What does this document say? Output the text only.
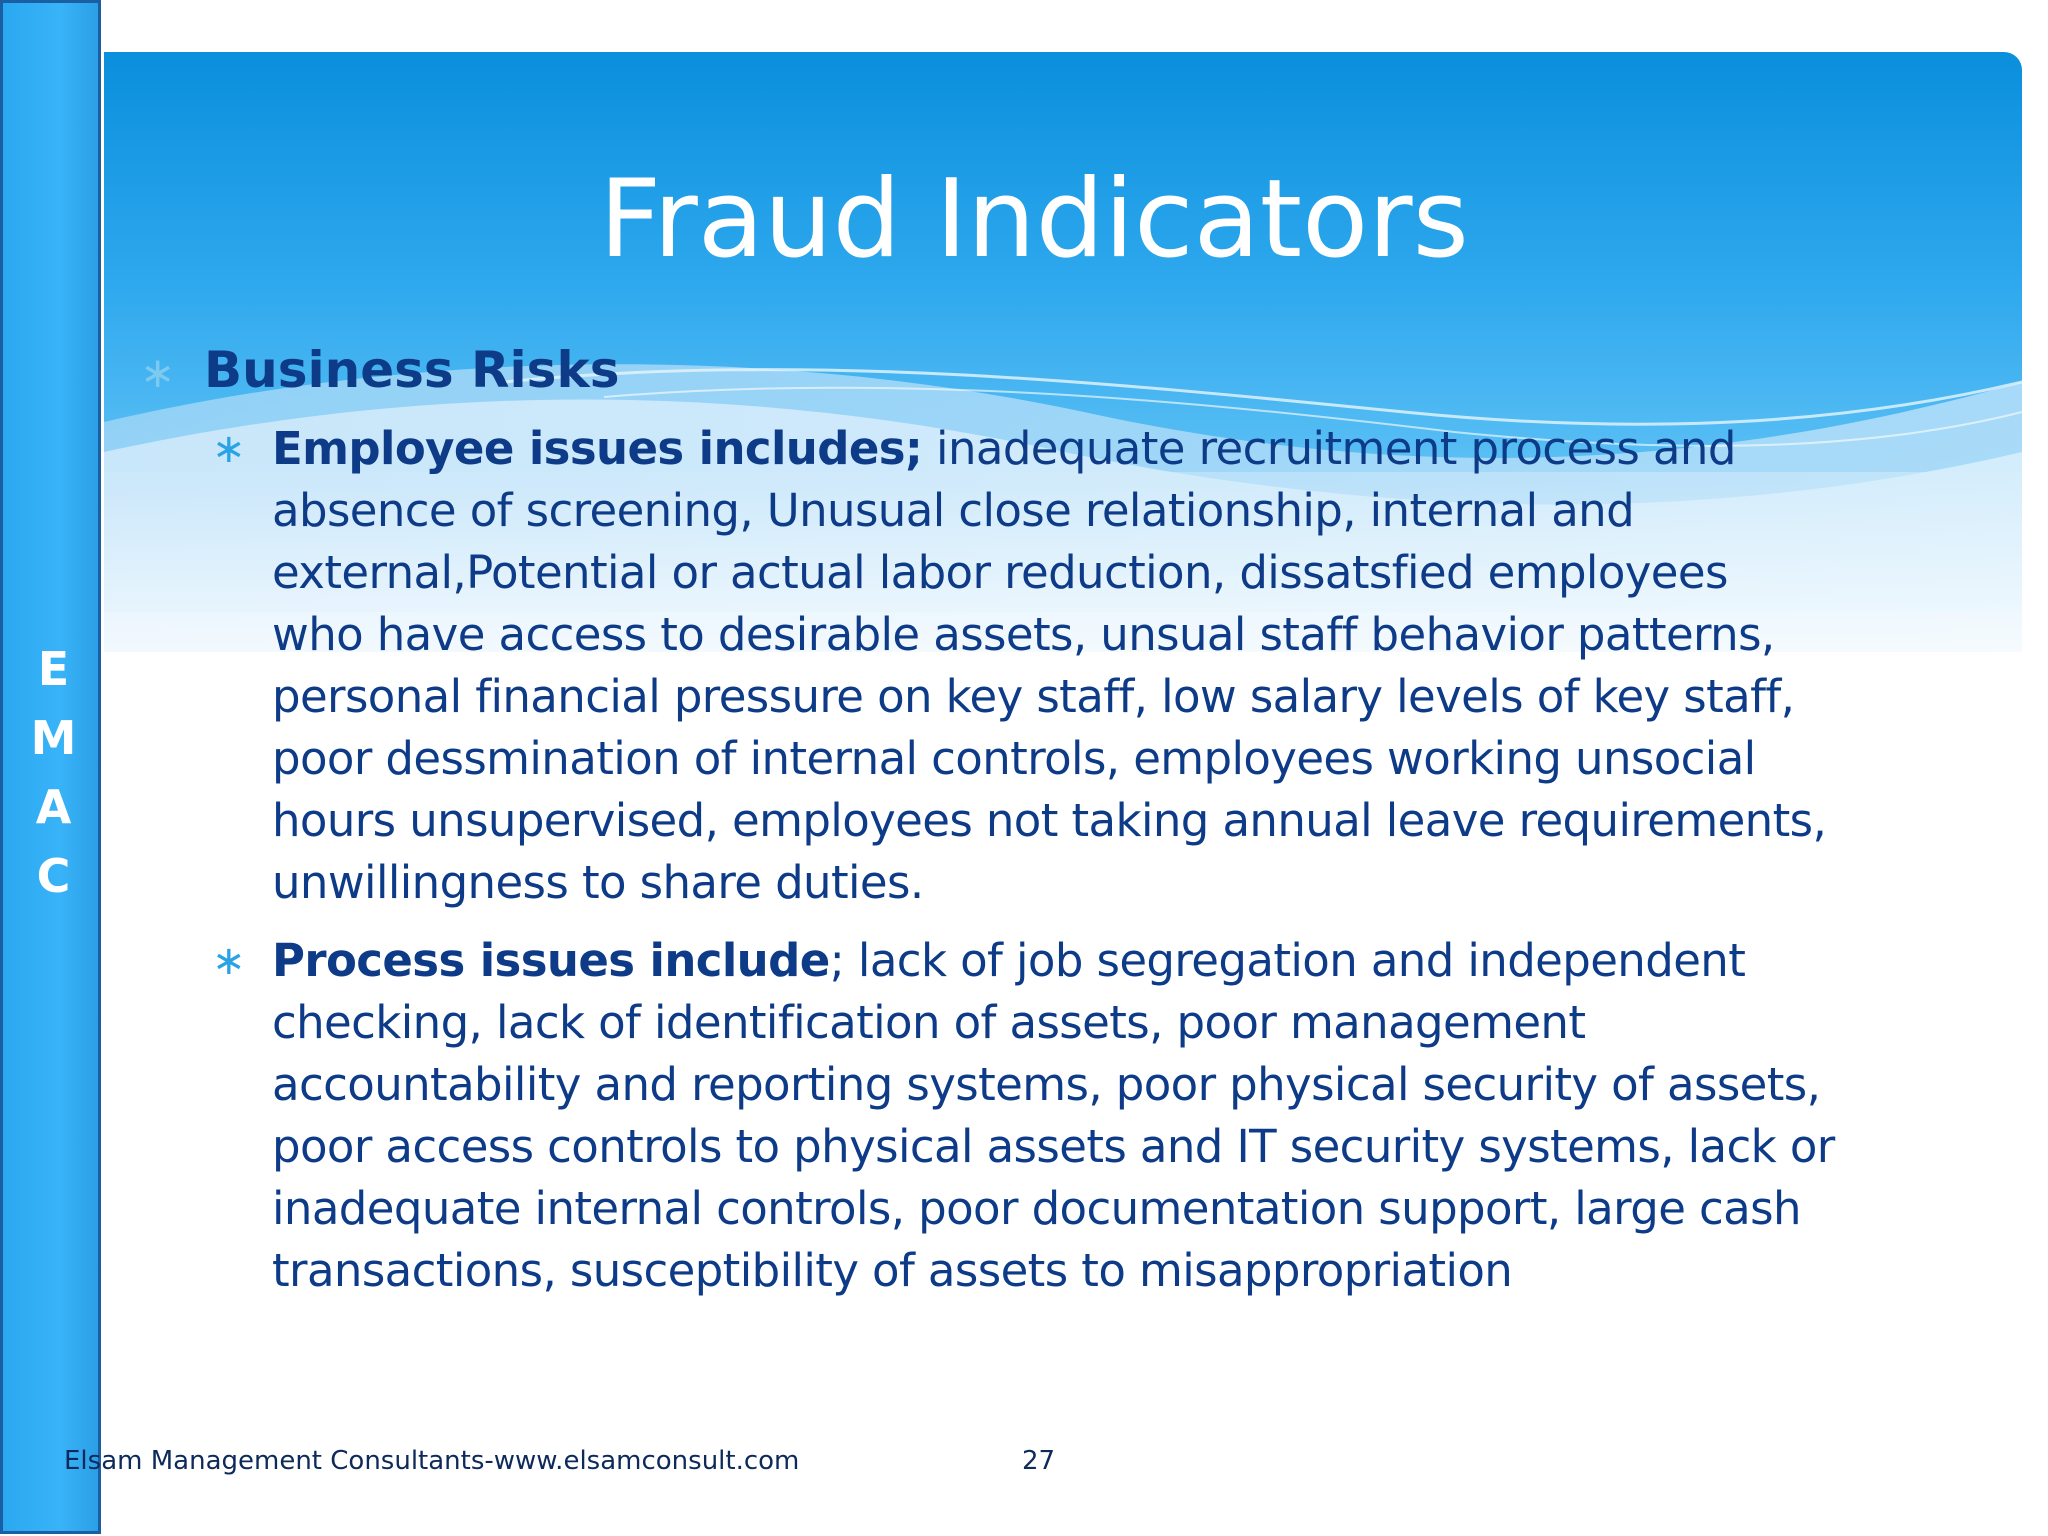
E
M
A
C
Fraud Indicators
∗ Business Risks
∗ Employee issues includes; inadequate recruitment process and
absence of screening, Unusual close relationship, internal and
external,Potential or actual labor reduction, dissatsfied employees
who have access to desirable assets, unsual staff behavior patterns,
personal financial pressure on key staff, low salary levels of key staff,
poor dessmination of internal controls, employees working unsocial
hours unsupervised, employees not taking annual leave requirements,
unwillingness to share duties.
∗ Process issues include; lack of job segregation and independent
checking, lack of identification of assets, poor management
accountability and reporting systems, poor physical security of assets,
poor access controls to physical assets and IT security systems, lack or
inadequate internal controls, poor documentation support, large cash
transactions, susceptibility of assets to misappropriation
Elsam Management Consultants-www.elsamconsult.com	27
